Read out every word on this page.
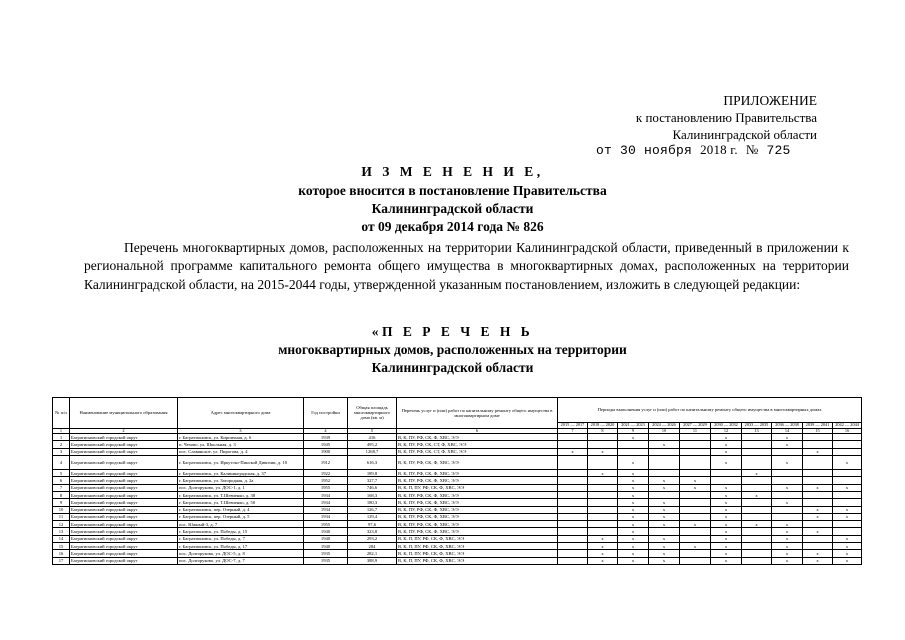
ПРИЛОЖЕНИЕ
к постановлению Правительства
Калининградской области
от 30 ноября 2018 г. № 725
И З М Е Н Е Н И Е,
которое вносится в постановление Правительства
Калининградской области
от 09 декабря 2014 года № 826
Перечень многоквартирных домов, расположенных на территории Калининградской области, приведенный в приложении к региональной программе капитального ремонта общего имущества в многоквартирных домах, расположенных на территории Калининградской области, на 2015-2044 годы, утвержденной указанным постановлением, изложить в следующей редакции:
«П Е Р Е Ч Е Н Ь
многоквартирных домов, расположенных на территории
Калининградской области
№ п/п	Наименование муниципального образования	Адрес многоквартирного дома	Год постройки	Общая площадь многоквартирного дома (кв. м)	Перечень услуг и (или) работ по капитальному ремонту общего имущества в многоквартирном доме	Периоды выполнения услуг и (или) работ по капитальному ремонту общего имущества в многоквартирных домах									
						2015 — 2017	2018 — 2020	2021 — 2023	2024 — 2026	2027 — 2029	2030 — 2032	2033 — 2035	2036 — 2038	2039 — 2041	2042 — 2044
1	2	3	4	5	6	7	8	9	10	11	12	13	14	15	16
1	Багратионовский городской округ	г. Багратионовск, ул. Кирпичная, д. 6	1939	416	В, К, ПУ, РФ, СК, Ф, ХВС, Э/Э			x			x		x		
2	Багратионовский городской округ	п. Чехово, ул. Школьная, д. 3	1945	495,2	В, К, ПУ, РФ, СК, СТ, Ф, ХВС, Э/Э				x		x		x		
3	Багратионовский городской округ	пос. Славянское, ул. Пирогова, д. 4	1900	1268,7	В, К, ПУ, РФ, СК, СТ, Ф, ХВС, Э/Э	x	x				x			x	
4	Багратионовский городской округ	г. Багратионовск, ул. Иркутско-Пинской Дивизии, д. 10	1912	616,3	В, К, ПУ, РФ, СК, Ф, ХВС, Э/Э			x			x		x		x
5	Багратионовский городской округ	г. Багратионовск, ул. Калининградская, д. 37	1922	189,8	В, К, ПУ, РФ, СК, Ф, ХВС, Э/Э		x	x				x			
6	Багратионовский городской округ	г. Багратионовск, ул. Загородная, д. 2а	1952	327,7	В, К, ПУ, РФ, СК, Ф, ХВС, Э/Э			x	x	x					
7	Багратионовский городской округ	пос. Долгоруково, ул. ДОС-1, д. 1	1955	746,6	В, К, П, ПУ, РФ, СК, Ф, ХВС, Э/Э			x	x	x	x		x	x	x
8	Багратионовский городской округ	г. Багратионовск, ул. Т.Шевченко, д. 38	1934	168,3	В, К, ПУ, РФ, СК, Ф, ХВС, Э/Э			x			x	x			
9	Багратионовский городской округ	г. Багратионовск, ул. Т.Шевченко, д. 50	1934	180,3	В, К, ПУ, РФ, СК, Ф, ХВС, Э/Э			x	x		x		x		
10	Багратионовский городской округ	г. Багратионовск, пер. Озерный, д. 4	1934	126,7	В, К, ПУ, РФ, СК, Ф, ХВС, Э/Э			x	x		x			x	x
11	Багратионовский городской округ	г. Багратионовск, пер. Озерный, д. 5	1934	129,4	В, К, ПУ, РФ, СК, Ф, ХВС, Э/Э			x	x		x			x	x
12	Багратионовский городской округ	пос. Южный-3, д. 7	1955	97,6	В, К, ПУ, РФ, СК, Ф, ХВС, Э/Э			x	x	x	x	x	x		
13	Багратионовский городской округ	г. Багратионовск, ул. Победы, д. 15	1940	323,8	В, К, ПУ, РФ, СК, Ф, ХВС, Э/Э			x			x		x	x	
14	Багратионовский городской округ	г. Багратионовск, ул. Победы, д. 7	1940	293,2	В, К, П, ПУ, РФ, СК, Ф, ХВС, Э/Э		x	x	x		x		x		x
15	Багратионовский городской округ	г. Багратионовск, ул. Победы, д. 17	1940	284	В, К, П, ПУ, РФ, СК, Ф, ХВС, Э/Э		x	x	x	x	x		x		x
16	Багратионовский городской округ	пос. Долгоруково, ул. ДОС-5, д. 8	1935	282,1	В, К, П, ПУ, РФ, СК, Ф, ХВС, Э/Э		x	x	x		x		x	x	x
17	Багратионовский городской округ	пос. Долгоруково, ул. ДОС-7, д. 7	1935	388,9	В, К, П, ПУ, РФ, СК, Ф, ХВС, Э/Э		x	x	x		x		x	x	x
